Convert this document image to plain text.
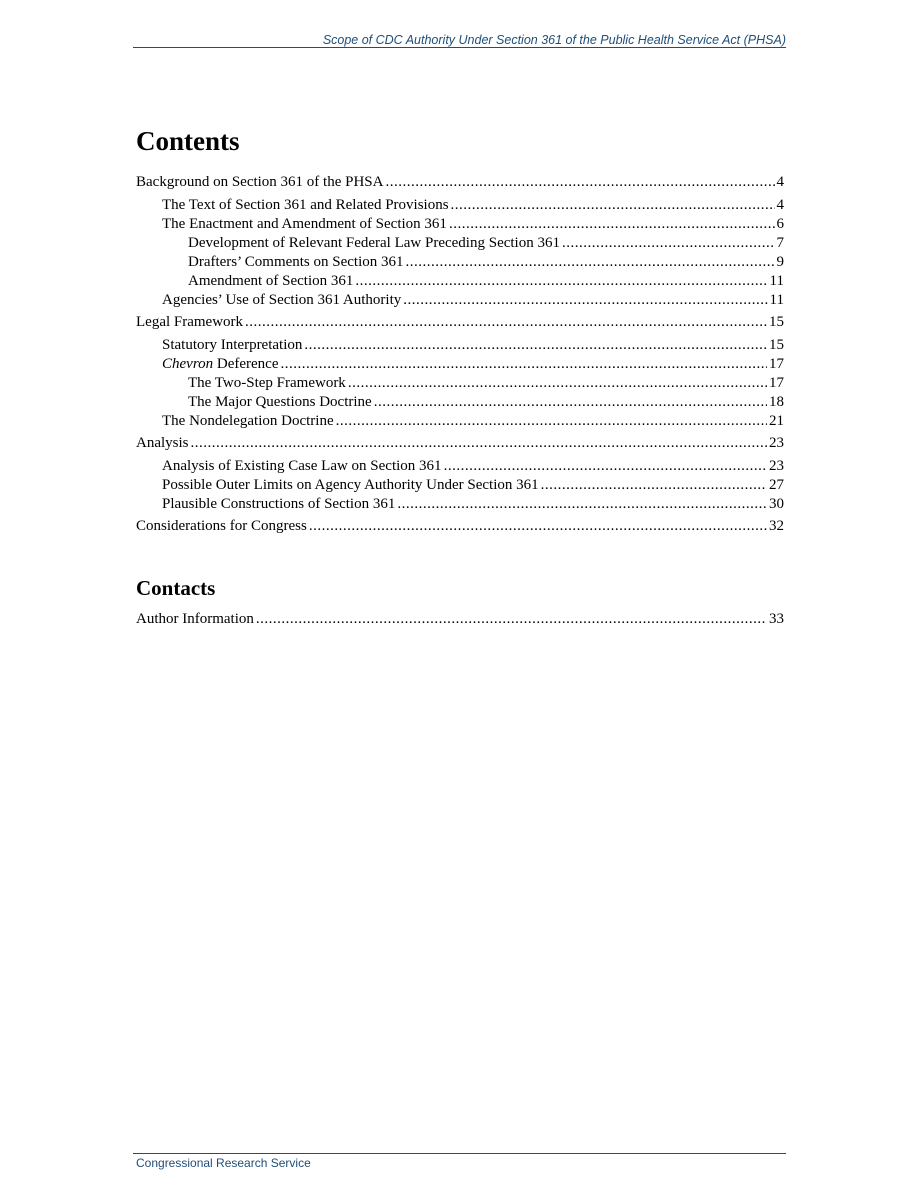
Scope of CDC Authority Under Section 361 of the Public Health Service Act (PHSA)
Contents
Background on Section 361 of the PHSA .....	4
The Text of Section 361 and Related Provisions .....	4
The Enactment and Amendment of Section 361 .....	6
Development of Relevant Federal Law Preceding Section 361 .....	7
Drafters’ Comments on Section 361 .....	9
Amendment of Section 361 .....	11
Agencies’ Use of Section 361 Authority .....	11
Legal Framework .....	15
Statutory Interpretation .....	15
Chevron Deference .....	17
The Two-Step Framework .....	17
The Major Questions Doctrine .....	18
The Nondelegation Doctrine .....	21
Analysis .....	23
Analysis of Existing Case Law on Section 361 .....	23
Possible Outer Limits on Agency Authority Under Section 361 .....	27
Plausible Constructions of Section 361 .....	30
Considerations for Congress .....	32
Contacts
Author Information .....	33
Congressional Research Service
